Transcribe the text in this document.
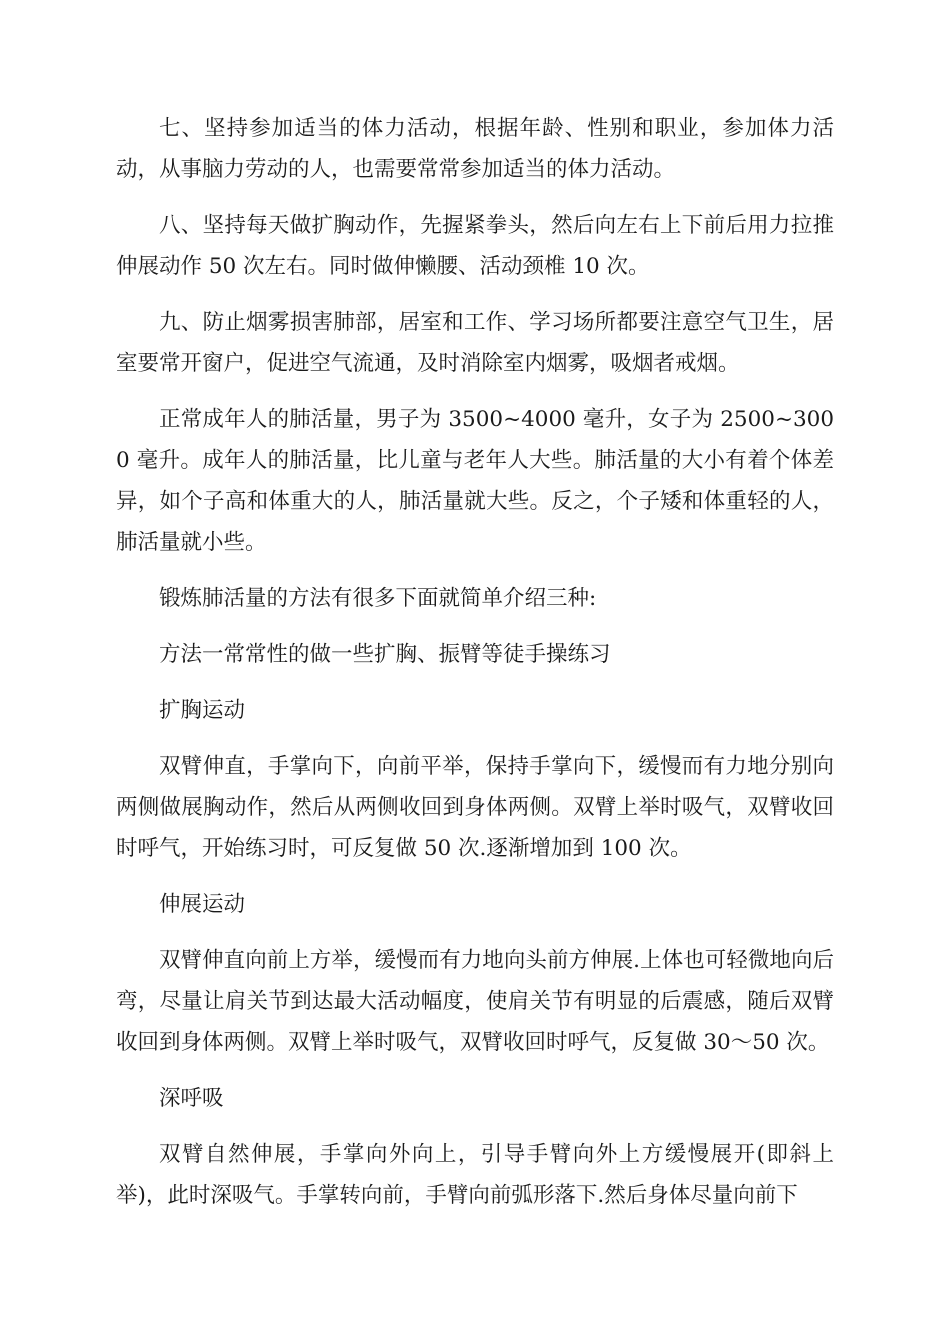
七、坚持参加适当的体力活动，根据年龄、性别和职业，参加体力活动，从事脑力劳动的人，也需要常常参加适当的体力活动。

八、坚持每天做扩胸动作，先握紧拳头，然后向左右上下前后用力拉推伸展动作 50 次左右。同时做伸懒腰、活动颈椎 10 次。

九、防止烟雾损害肺部，居室和工作、学习场所都要注意空气卫生，居室要常开窗户，促进空气流通，及时消除室内烟雾，吸烟者戒烟。

正常成年人的肺活量，男子为 3500~4000 毫升，女子为 2500~3000 毫升。成年人的肺活量，比儿童与老年人大些。肺活量的大小有着个体差异，如个子高和体重大的人，肺活量就大些。反之，个子矮和体重轻的人，肺活量就小些。

锻炼肺活量的方法有很多下面就简单介绍三种:

方法一常常性的做一些扩胸、振臂等徒手操练习

扩胸运动

双臂伸直，手掌向下，向前平举，保持手掌向下，缓慢而有力地分别向两侧做展胸动作，然后从两侧收回到身体两侧。双臂上举时吸气，双臂收回时呼气，开始练习时，可反复做 50 次.逐渐增加到 100 次。

伸展运动

双臂伸直向前上方举，缓慢而有力地向头前方伸展.上体也可轻微地向后弯，尽量让肩关节到达最大活动幅度，使肩关节有明显的后震感，随后双臂收回到身体两侧。双臂上举时吸气，双臂收回时呼气，反复做 30～50 次。

深呼吸

双臂自然伸展，手掌向外向上，引导手臂向外上方缓慢展开(即斜上举)，此时深吸气。手掌转向前，手臂向前弧形落下.然后身体尽量向前下
